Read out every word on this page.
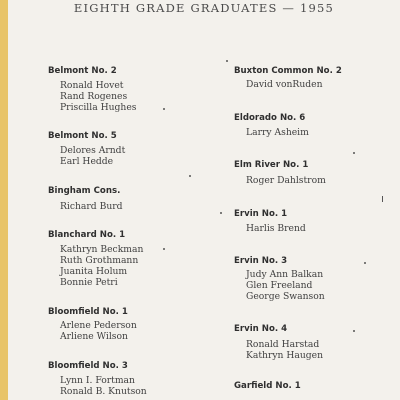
EIGHTH GRADE GRADUATES — 1955
Belmont No. 2
Ronald Hovet
Rand Rogenes
Priscilla Hughes
Belmont No. 5
Delores Arndt
Earl Hedde
Bingham Cons.
Richard Burd
Blanchard No. 1
Kathryn Beckman
Ruth Grothmann
Juanita Holum
Bonnie Petri
Bloomfield No. 1
Arlene Pederson
Arliene Wilson
Bloomfield No. 3
Lynn I. Fortman
Ronald B. Knutson
Buxton Common No. 2
David vonRuden
Eldorado No. 6
Larry Asheim
Elm River No. 1
Roger Dahlstrom
Ervin No. 1
Harlis Brend
Ervin No. 3
Judy Ann Balkan
Glen Freeland
George Swanson
Ervin No. 4
Ronald Harstad
Kathryn Haugen
Garfield No. 1
